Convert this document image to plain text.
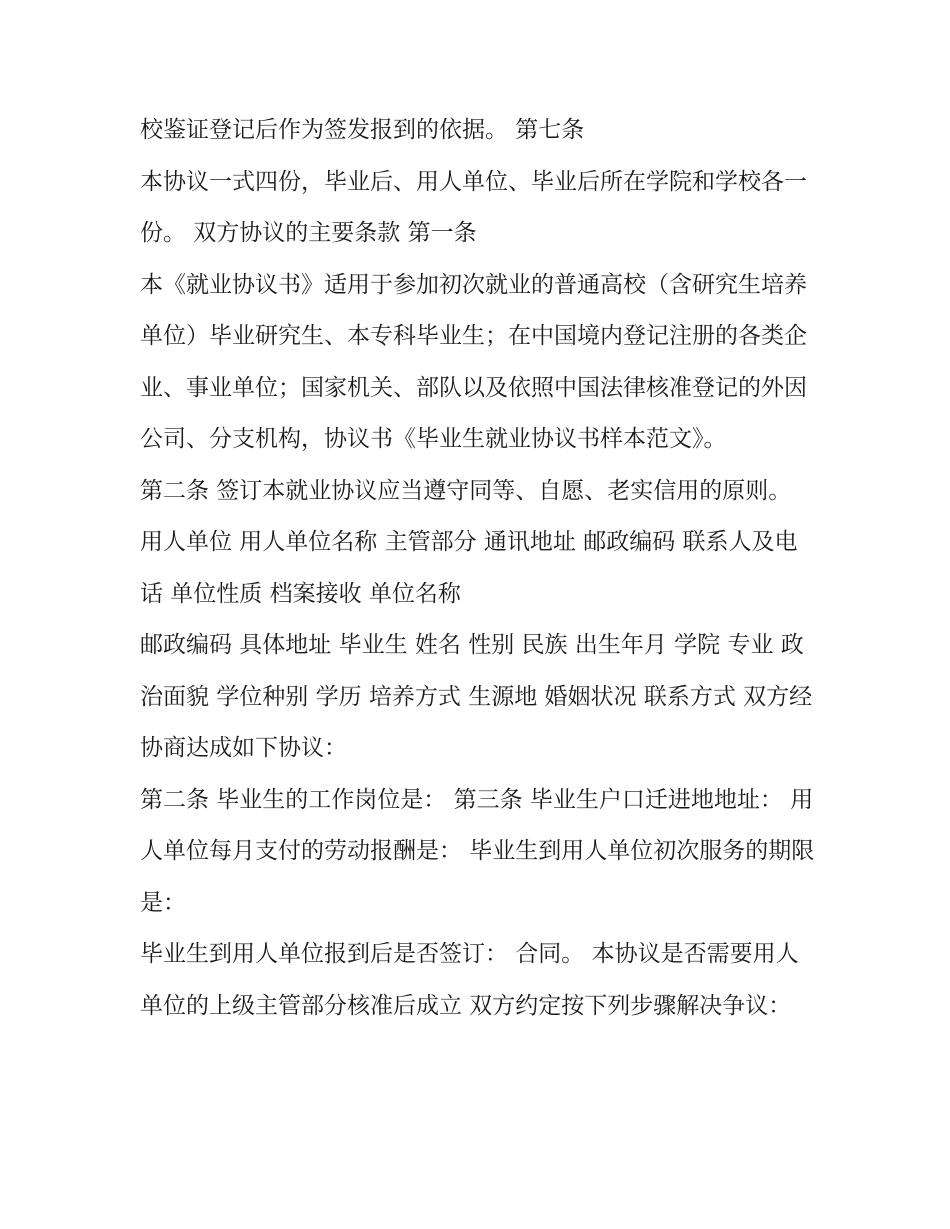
校鉴证登记后作为签发报到的依据。 第七条

本协议一式四份，毕业后、用人单位、毕业后所在学院和学校各一份。 双方协议的主要条款 第一条

本《就业协议书》适用于参加初次就业的普通高校（含研究生培养单位）毕业研究生、本专科毕业生；在中国境内登记注册的各类企业、事业单位；国家机关、部队以及依照中国法律核准登记的外因公司、分支机构，协议书《毕业生就业协议书样本范文》。

第二条 签订本就业协议应当遵守同等、自愿、老实信用的原则。 用人单位 用人单位名称 主管部分 通讯地址 邮政编码 联系人及电话 单位性质 档案接收 单位名称

邮政编码 具体地址 毕业生 姓名 性别 民族 出生年月 学院 专业 政治面貌 学位种别 学历 培养方式 生源地 婚姻状况 联系方式 双方经协商达成如下协议：

第二条 毕业生的工作岗位是： 第三条 毕业生户口迁进地地址： 用人单位每月支付的劳动报酬是： 毕业生到用人单位初次服务的期限是：

毕业生到用人单位报到后是否签订： 合同。 本协议是否需要用人单位的上级主管部分核准后成立 双方约定按下列步骤解决争议：
